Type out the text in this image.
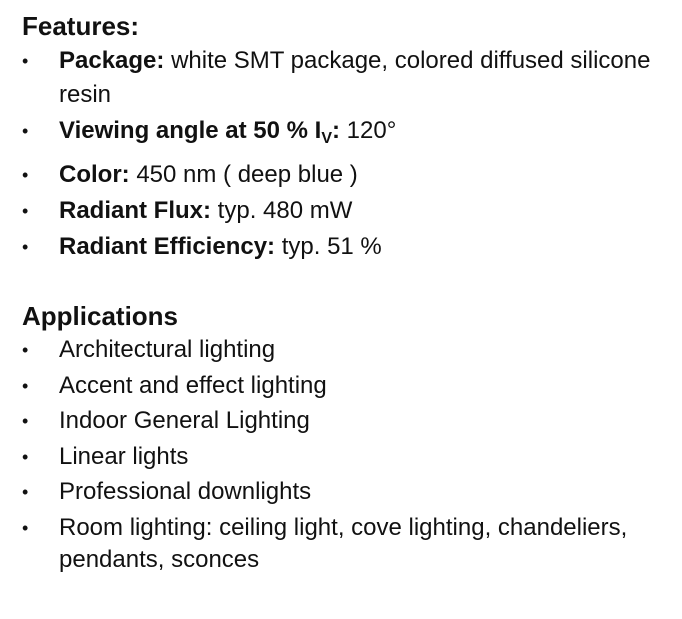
Features:
• Package: white SMT package, colored diffused silicone resin
• Viewing angle at 50 % $I_V$: 120°
• Color: 450 nm ( deep blue )
• Radiant Flux: typ. 480 mW
• Radiant Efficiency: typ. 51 %
Applications
• Architectural lighting
• Accent and effect lighting
• Indoor General Lighting
• Linear lights
• Professional downlights
• Room lighting: ceiling light, cove lighting, chandeliers, pendants, sconces
